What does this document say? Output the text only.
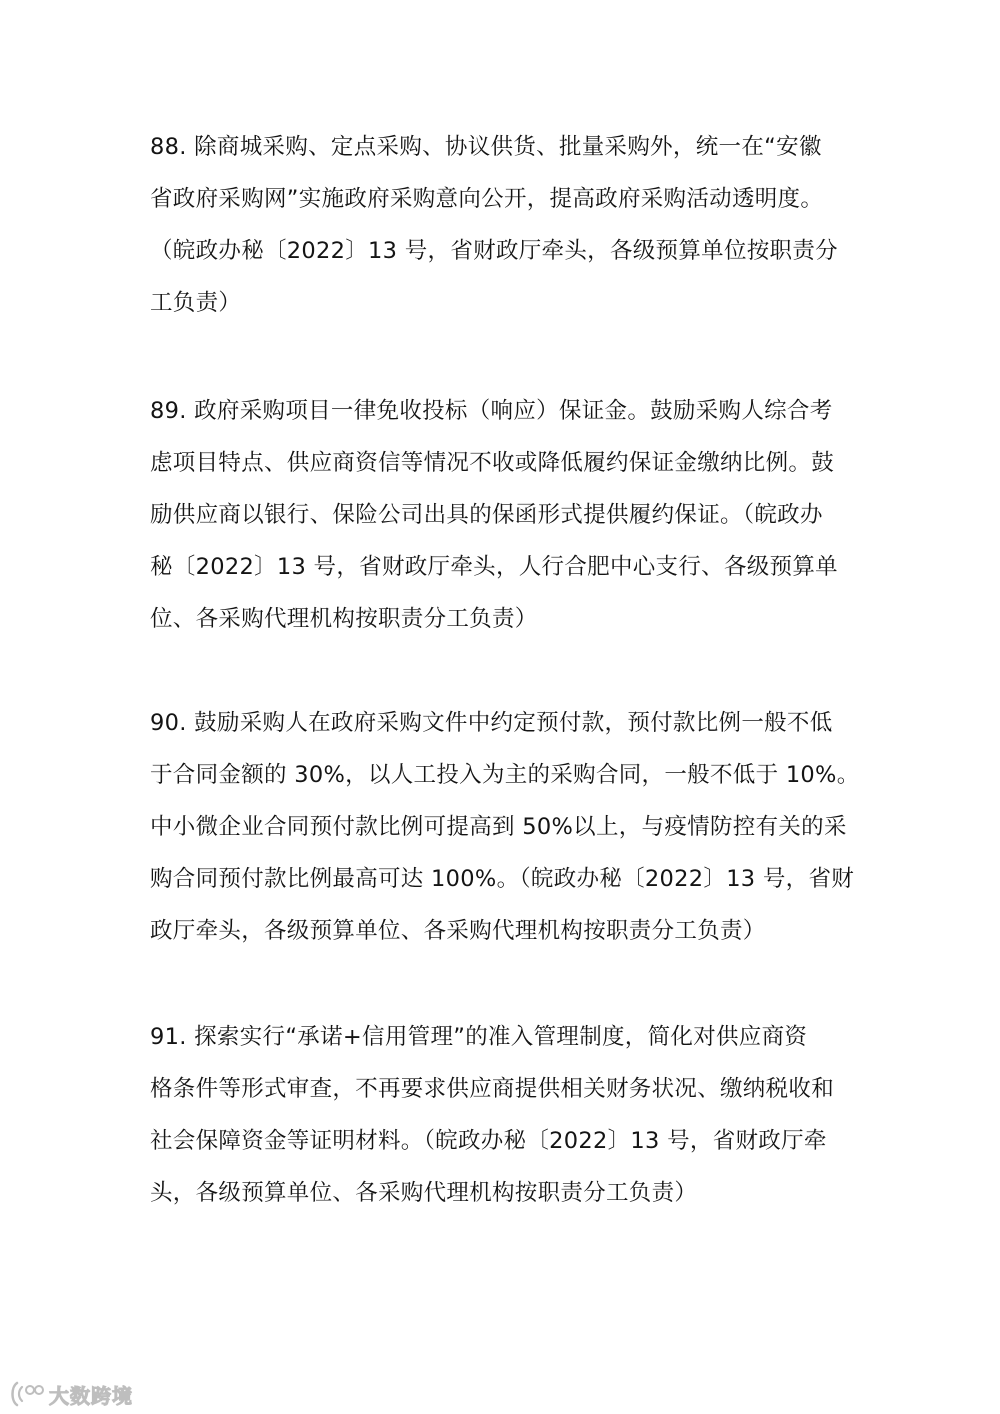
88. 除商城采购、定点采购、协议供货、批量采购外，统一在“安徽
省政府采购网”实施政府采购意向公开，提高政府采购活动透明度。
（皖政办秘〔2022〕13 号，省财政厅牵头，各级预算单位按职责分
工负责）
89. 政府采购项目一律免收投标（响应）保证金。鼓励采购人综合考
虑项目特点、供应商资信等情况不收或降低履约保证金缴纳比例。鼓
励供应商以银行、保险公司出具的保函形式提供履约保证。（皖政办
秘〔2022〕13 号，省财政厅牵头，人行合肥中心支行、各级预算单
位、各采购代理机构按职责分工负责）
90. 鼓励采购人在政府采购文件中约定预付款，预付款比例一般不低
于合同金额的 30%，以人工投入为主的采购合同，一般不低于 10%。
中小微企业合同预付款比例可提高到 50%以上，与疫情防控有关的采
购合同预付款比例最高可达 100%。（皖政办秘〔2022〕13 号，省财
政厅牵头，各级预算单位、各采购代理机构按职责分工负责）
91. 探索实行“承诺+信用管理”的准入管理制度，简化对供应商资
格条件等形式审查，不再要求供应商提供相关财务状况、缴纳税收和
社会保障资金等证明材料。（皖政办秘〔2022〕13 号，省财政厅牵
头，各级预算单位、各采购代理机构按职责分工负责）
大数跨境
